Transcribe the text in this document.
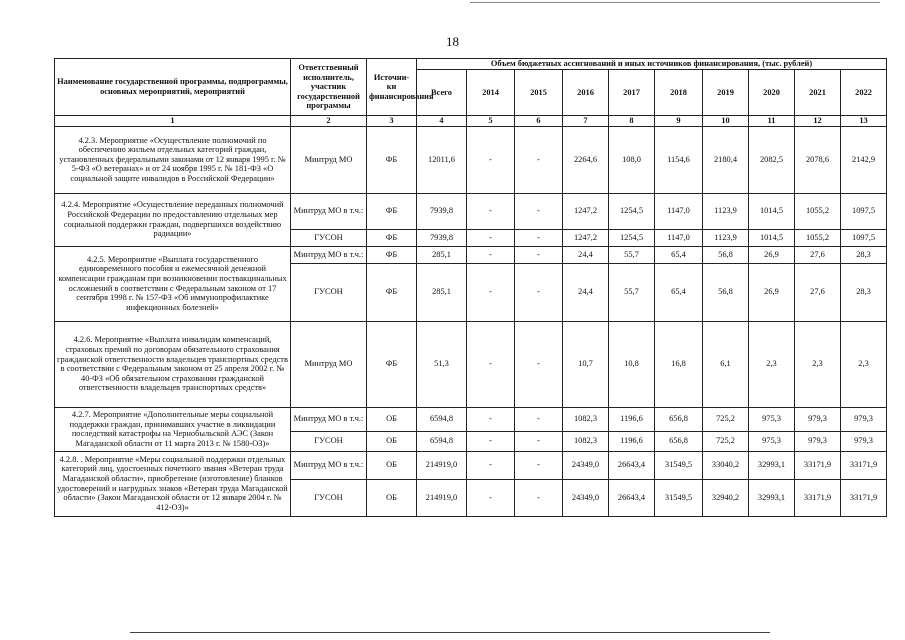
18
Наименование государственной программы, подпрограммы, основных мероприятий, мероприятий	Ответственный исполнитель, участник государственной программы	Источни-ки финансирования	Объем бюджетных ассигнований и иных источников финансирования, (тыс. рублей)									
			Всего	2014	2015	2016	2017	2018	2019	2020	2021	2022
1	2	3	4	5	6	7	8	9	10	11	12	13
4.2.3. Мероприятие «Осуществление полномочий по обеспечению жильем отдельных категорий граждан, установленных федеральными законами от 12 января 1995 г. № 5-ФЗ «О ветеранах» и от 24 ноября 1995 г. № 181-ФЗ «О социальной защите инвалидов в Российской Федерации»	Минтруд МО	ФБ	12011,6	-	-	2264,6	108,0	1154,6	2180,4	2082,5	2078,6	2142,9
4.2.4. Мероприятие «Осуществление переданных полномочий Российской Федерации по предоставлению отдельных мер социальной поддержки граждан, подвергшихся воздействию радиации»	Минтруд МО в т.ч.:	ФБ	7939,8	-	-	1247,2	1254,5	1147,0	1123,9	1014,5	1055,2	1097,5
	ГУСОН	ФБ	7939,8	-	-	1247,2	1254,5	1147,0	1123,9	1014,5	1055,2	1097,5
4.2.5. Мероприятие «Выплата государственного единовременного пособия и ежемесячной денежной компенсации гражданам при возникновении поствакцинальных осложнений в соответствии с Федеральным законом от 17 сентября 1998 г. № 157-ФЗ «Об иммунопрофилактике инфекционных болезней»	Минтруд МО в т.ч.:	ФБ	285,1	-	-	24,4	55,7	65,4	56,8	26,9	27,6	28,3
	ГУСОН	ФБ	285,1	-	-	24,4	55,7	65,4	56,8	26,9	27,6	28,3
4.2.6. Мероприятие «Выплата инвалидам компенсаций, страховых премий по договорам обязательного страхования гражданской ответственности владельцев транспортных средств в соответствии с Федеральным законом от 25 апреля 2002 г. № 40-ФЗ «Об обязательном страховании гражданской ответственности владельцев транспортных средств»	Минтруд МО	ФБ	51,3	-	-	10,7	10,8	16,8	6,1	2,3	2,3	2,3
4.2.7. Мероприятие «Дополнительные меры социальной поддержки граждан, принимавших участие в ликвидации последствий катастрофы на Чернобыльской АЭС (Закон Магаданской области от 11 марта 2013 г. № 1580-ОЗ)»	Минтруд МО в т.ч.:	ОБ	6594,8	-	-	1082,3	1196,6	656,8	725,2	975,3	979,3	979,3
	ГУСОН	ОБ	6594,8	-	-	1082,3	1196,6	656,8	725,2	975,3	979,3	979,3
4.2.8. . Мероприятие «Меры социальной поддержки отдельных категорий лиц, удостоенных почетного звания «Ветеран труда Магаданской области», приобретение (изготовление) бланков удостоверений и нагрудных знаков «Ветеран труда Магаданской области» (Закон Магаданской области от 12 января 2004 г. № 412-ОЗ)»	Минтруд МО в т.ч.:	ОБ	214919,0	-	-	24349,0	26643,4	31549,5	33040,2	32993,1	33171,9	33171,9
	ГУСОН	ОБ	214919,0	-	-	24349,0	26643,4	31549,5	32940,2	32993,1	33171,9	33171,9
